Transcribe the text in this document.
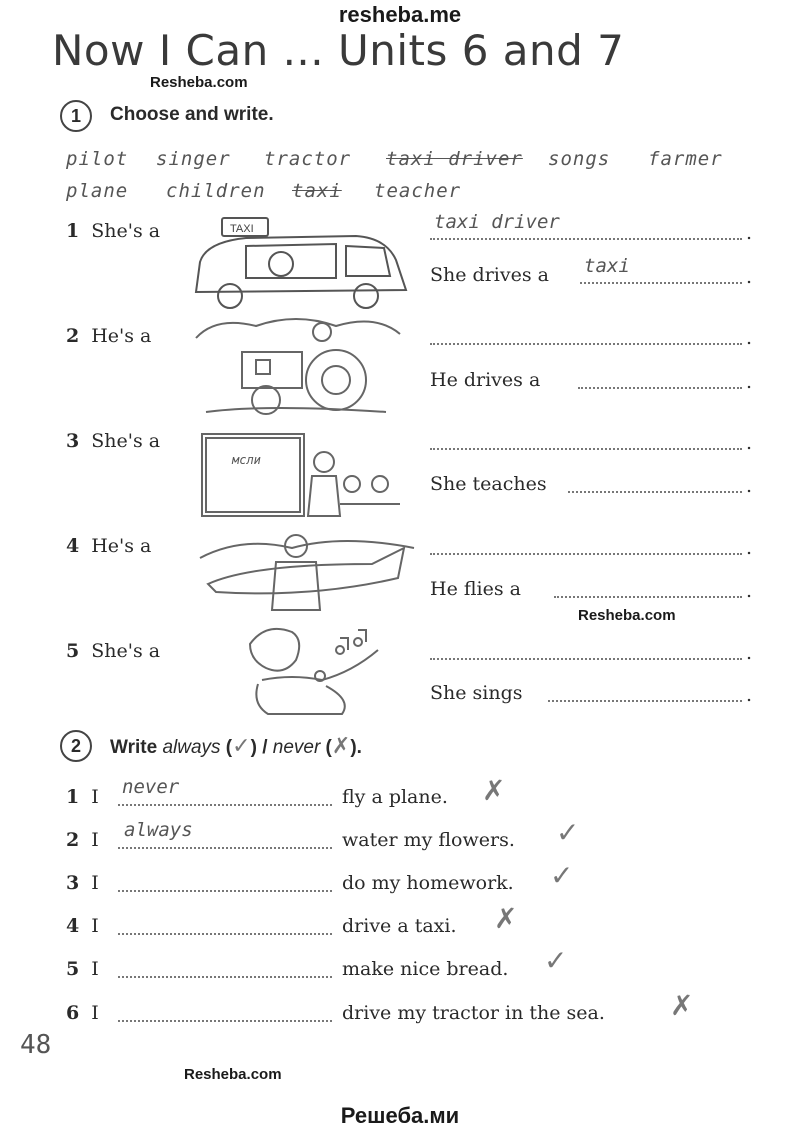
resheba.me
Now I Can ... Units 6 and 7
Resheba.com
1	Choose and write.
pilot singer tractor taxi driver songs farmer
plane children taxi teacher
1 She's a	taxi driver	.
She drives a taxi	.
2 He's a	.
He drives a	.
3 She's a	.
She teaches	.
4 He's a	.
He flies a	.
Resheba.com
5 She's a	.
She sings	.
TAXI
мсли
2	Write always (✓) / never (✗).
1 I never	fly a plane. ✗
2 I always	water my flowers. ✓
3 I	do my homework. ✓
4 I	drive a taxi. ✗
5 I	make nice bread. ✓
6 I	drive my tractor in the sea. ✗
48
Resheba.com
Решеба.ми
